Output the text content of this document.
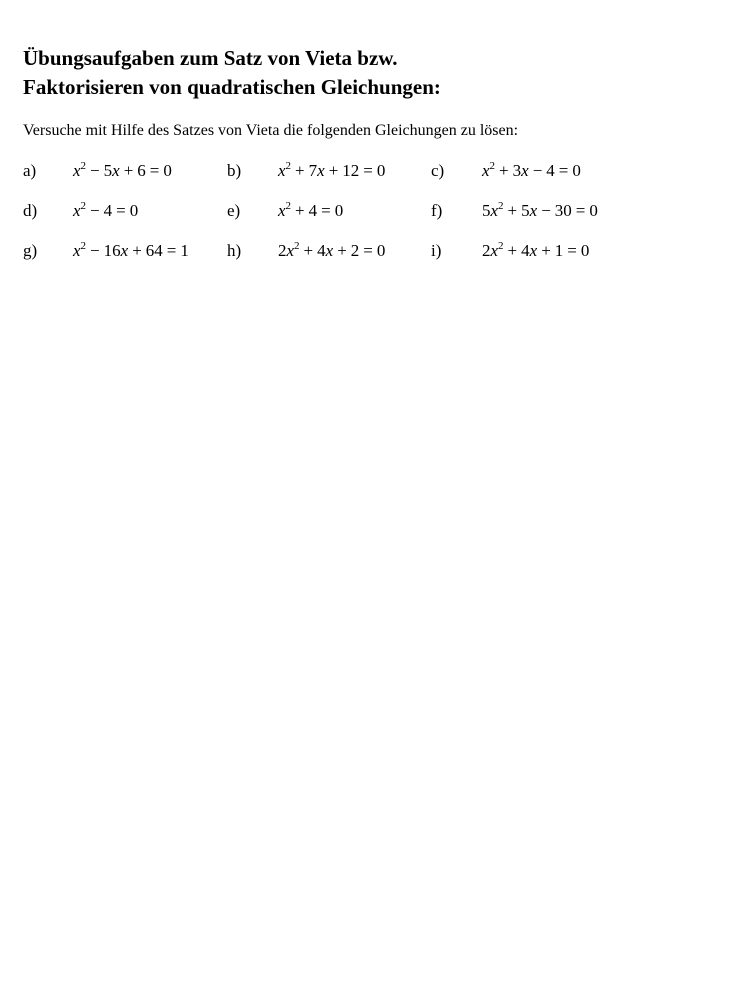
Übungsaufgaben zum Satz von Vieta bzw.
Faktorisieren von quadratischen Gleichungen:

Versuche mit Hilfe des Satzes von Vieta die folgenden Gleichungen zu lösen:

a) $x^2 - 5x + 6 = 0$	b) $x^2 + 7x + 12 = 0$	c) $x^2 + 3x - 4 = 0$
d) $x^2 - 4 = 0$	e) $x^2 + 4 = 0$	f) $5x^2 + 5x - 30 = 0$
g) $x^2 - 16x + 64 = 1$ h) $2x^2 + 4x + 2 = 0$	i) $2x^2 + 4x + 1 = 0$
